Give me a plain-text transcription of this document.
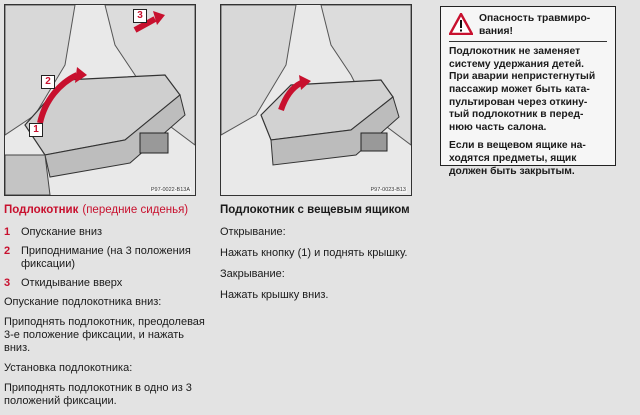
3
2
1
P97-0022-B13A	P97-0023-B13
Опасность травмиро-
вания!

Подлокотник не заменяет
систему удержания детей.
При аварии непристегнутый
пассажир может быть ката-
пультирован через откину-
тый подлокотник в перед-
нюю часть салона.

Если в вещевом ящике на-
ходятся предметы, ящик
должен быть закрытым.

Подлокотник (передние сиденья)
1 Опускание вниз
2 Приподнимание (на 3 положения фиксации)
3 Откидывание вверх

Опускание подлокотника вниз:

Приподнять подлокотник, преодолевая 3-е положение фиксации, и нажать вниз.

Установка подлокотника:

Приподнять подлокотник в одно из 3 положений фиксации.

Подлокотник с вещевым ящиком

Открывание:

Нажать кнопку (1) и поднять крышку.

Закрывание:

Нажать крышку вниз.
